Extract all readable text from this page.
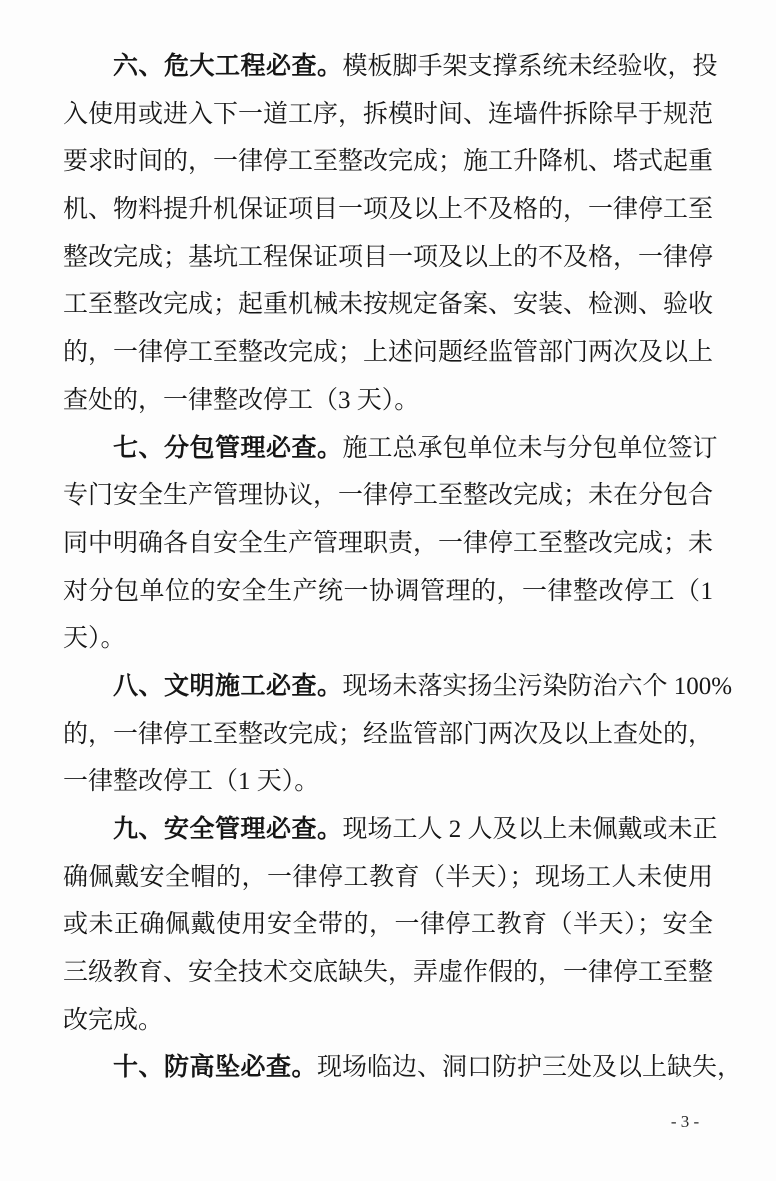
六、危大工程必查。模板脚手架支撑系统未经验收，投
入使用或进入下一道工序，拆模时间、连墙件拆除早于规范
要求时间的，一律停工至整改完成；施工升降机、塔式起重
机、物料提升机保证项目一项及以上不及格的，一律停工至
整改完成；基坑工程保证项目一项及以上的不及格，一律停
工至整改完成；起重机械未按规定备案、安装、检测、验收
的，一律停工至整改完成；上述问题经监管部门两次及以上
查处的，一律整改停工（3 天）。
七、分包管理必查。施工总承包单位未与分包单位签订
专门安全生产管理协议，一律停工至整改完成；未在分包合
同中明确各自安全生产管理职责，一律停工至整改完成；未
对分包单位的安全生产统一协调管理的，一律整改停工（1
天）。
八、文明施工必查。现场未落实扬尘污染防治六个 100%
的，一律停工至整改完成；经监管部门两次及以上查处的，
一律整改停工（1 天）。
九、安全管理必查。现场工人 2 人及以上未佩戴或未正
确佩戴安全帽的，一律停工教育（半天）；现场工人未使用
或未正确佩戴使用安全带的，一律停工教育（半天）；安全
三级教育、安全技术交底缺失，弄虚作假的，一律停工至整
改完成。
十、防高坠必查。现场临边、洞口防护三处及以上缺失，
- 3 -
